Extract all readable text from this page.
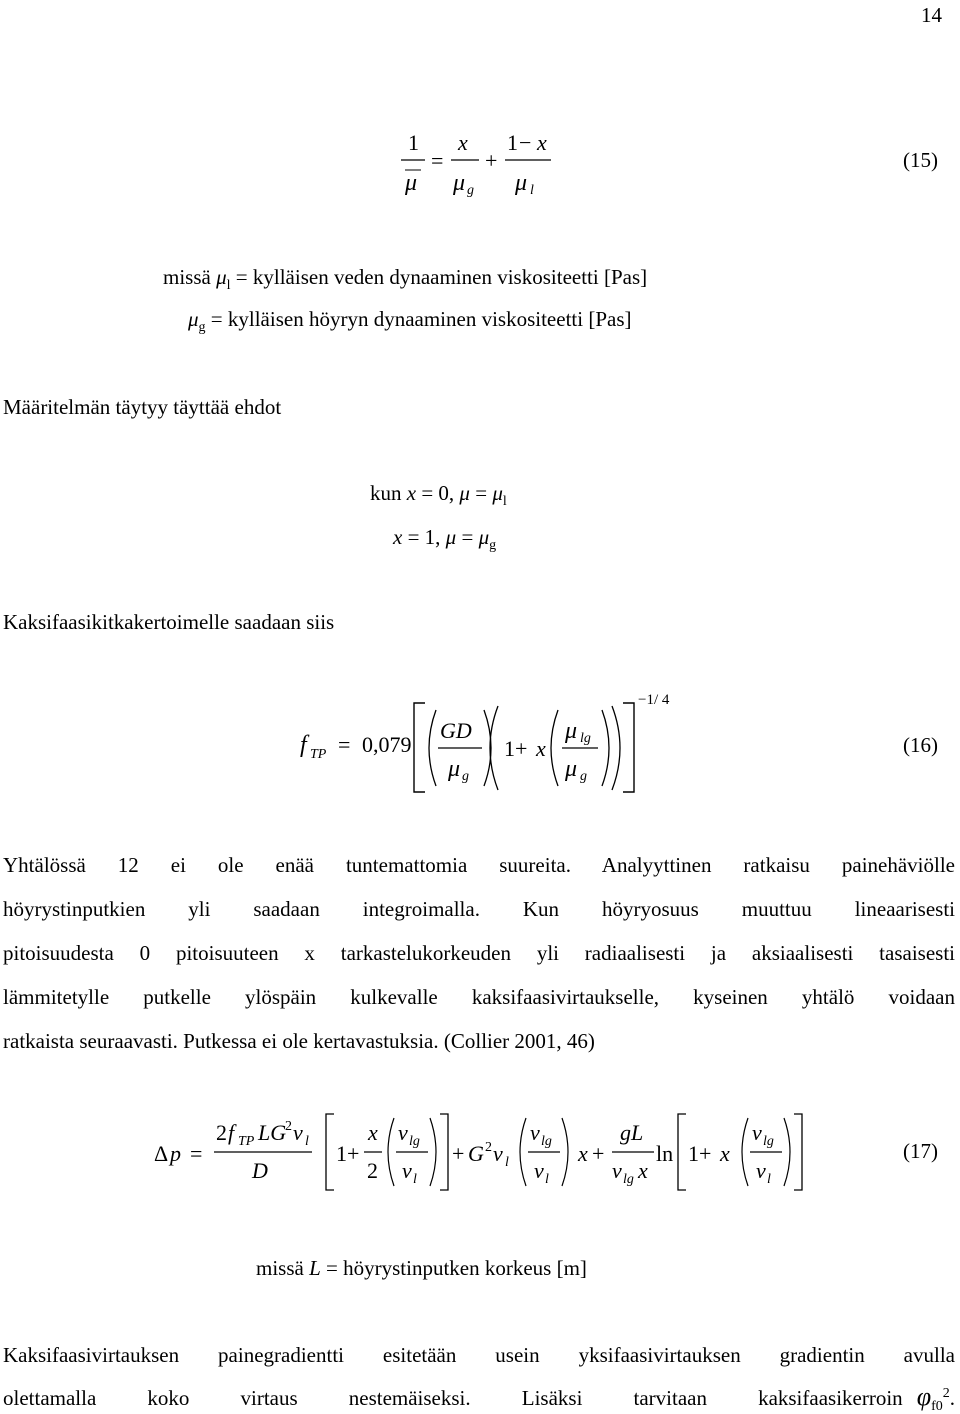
14
1
μ
=
x
μ g
+
1 − x
μ l
(15)
missä $\mu_l$ = kylläisen veden dynaaminen viskositeetti [Pas]
$\mu_g$ = kylläisen höyryn dynaaminen viskositeetti [Pas]
Määritelmän täytyy täyttää ehdot
kun x = 0, $\mu = \mu_l$
x = 1, $\mu = \mu_g$
Kaksifaasikitkakertoimelle saadaan siis
f TP = 0,079
GD
μ g
1+ x
μ lg
μ g
−1/ 4
(16)
Yhtälössä 12 ei ole enää tuntemattomia suureita. Analyyttinen ratkaisu painehäviölle
höyrystinputkien yli saadaan integroimalla. Kun höyryosuus muuttuu lineaarisesti
pitoisuudesta 0 pitoisuuteen x tarkastelukorkeuden yli radiaalisesti ja aksiaalisesti tasaisesti
lämmitetylle putkelle ylöspäin kulkevalle kaksifaasivirtaukselle, kyseinen yhtälö voidaan
ratkaista seuraavasti. Putkessa ei ole kertavastuksia. (Collier 2001, 46)
Δ p =
2 f TP LG
2 v l
D
1+
x
2
v lg
v l
+ G 2 v l
v lg
v l
x +
gL
v lg x
ln 1+ x
v lg
v l
(17)
missä L = höyrystinputken korkeus [m]
Kaksifaasivirtauksen painegradientti esitetään usein yksifaasivirtauksen gradientin avulla
olettamalla koko virtaus nestemäiseksi. Lisäksi tarvitaan kaksifaasikerroin $\varphi_{f0}^2$.
